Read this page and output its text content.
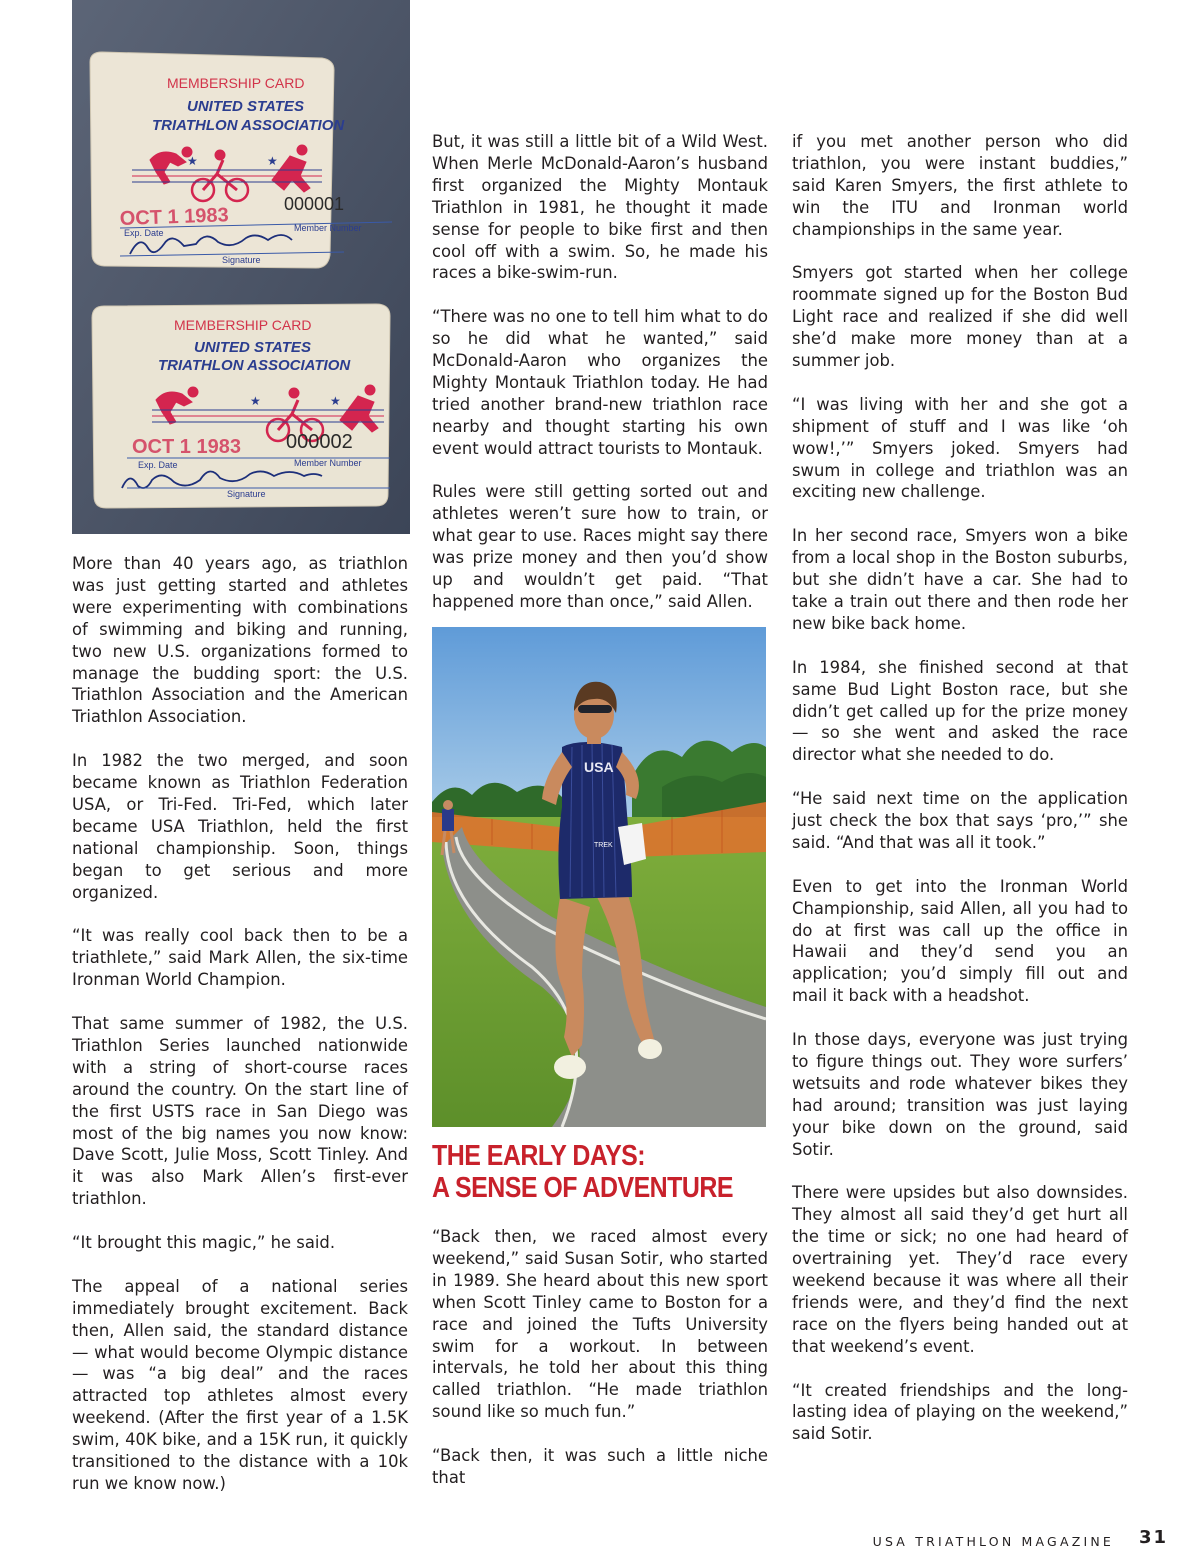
MEMBERSHIP CARD
UNITED STATES
TRIATHLON ASSOCIATION
★	★
OCT 1 1983
000001
Exp. Date	Member Number
Signature
MEMBERSHIP CARD
UNITED STATES
TRIATHLON ASSOCIATION
★	★
OCT 1 1983 000002
Exp. Date	Member Number
Signature

More than 40 years ago, as triathlon was just getting started and athletes were experimenting with combinations of swimming and biking and running, two new U.S. organizations formed to manage the budding sport: the U.S. Triathlon Association and the American Triathlon Association.

In 1982 the two merged, and soon became known as Triathlon Federation USA, or Tri-Fed. Tri-Fed, which later became USA Triathlon, held the first national championship. Soon, things began to get serious and more organized.

“It was really cool back then to be a triathlete,” said Mark Allen, the six-time Ironman World Champion.

That same summer of 1982, the U.S. Triathlon Series launched nationwide with a string of short-course races around the country. On the start line of the first USTS race in San Diego was most of the big names you now know: Dave Scott, Julie Moss, Scott Tinley. And it was also Mark Allen’s first-ever triathlon.

“It brought this magic,” he said.

The appeal of a national series immediately brought excitement. Back then, Allen said, the standard distance — what would become Olympic distance — was “a big deal” and the races attracted top athletes almost every weekend. (After the first year of a 1.5K swim, 40K bike, and a 15K run, it quickly transitioned to the distance with a 10k run we know now.)

But, it was still a little bit of a Wild West. When Merle McDonald-Aaron’s husband first organized the Mighty Montauk Triathlon in 1981, he thought it made sense for people to bike first and then cool off with a swim. So, he made his races a bike-swim-run.

“There was no one to tell him what to do so he did what he wanted,” said McDonald-Aaron who organizes the Mighty Montauk Triathlon today. He had tried another brand-new triathlon race nearby and thought starting his own event would attract tourists to Montauk.

Rules were still getting sorted out and athletes weren’t sure how to train, or what gear to use. Races might say there was prize money and then you’d show up and wouldn’t get paid. “That happened more than once,” said Allen.

USA
TREK
THE EARLY DAYS:
A SENSE OF ADVENTURE

“Back then, we raced almost every weekend,” said Susan Sotir, who started in 1989. She heard about this new sport when Scott Tinley came to Boston for a race and joined the Tufts University swim for a workout. In between intervals, he told her about this thing called triathlon. “He made triathlon sound like so much fun.”

“Back then, it was such a little niche that

if you met another person who did triathlon, you were instant buddies,” said Karen Smyers, the first athlete to win the ITU and Ironman world championships in the same year.

Smyers got started when her college roommate signed up for the Boston Bud Light race and realized if she did well she’d make more money than at a summer job.

“I was living with her and she got a shipment of stuff and I was like ‘oh wow!,’” Smyers joked. Smyers had swum in college and triathlon was an exciting new challenge.

In her second race, Smyers won a bike from a local shop in the Boston suburbs, but she didn’t have a car. She had to take a train out there and then rode her new bike back home.

In 1984, she finished second at that same Bud Light Boston race, but she didn’t get called up for the prize money — so she went and asked the race director what she needed to do.

“He said next time on the application just check the box that says ‘pro,’” she said. “And that was all it took.”

Even to get into the Ironman World Championship, said Allen, all you had to do at first was call up the office in Hawaii and they’d send you an application; you’d simply fill out and mail it back with a headshot.

In those days, everyone was just trying to figure things out. They wore surfers’ wetsuits and rode whatever bikes they had around; transition was just laying your bike down on the ground, said Sotir.

There were upsides but also downsides. They almost all said they’d get hurt all the time or sick; no one had heard of overtraining yet. They’d race every weekend because it was where all their friends were, and they’d find the next race on the flyers being handed out at that weekend’s event.

“It created friendships and the long-lasting idea of playing on the weekend,” said Sotir.

USA TRIATHLON MAGAZINE 31
